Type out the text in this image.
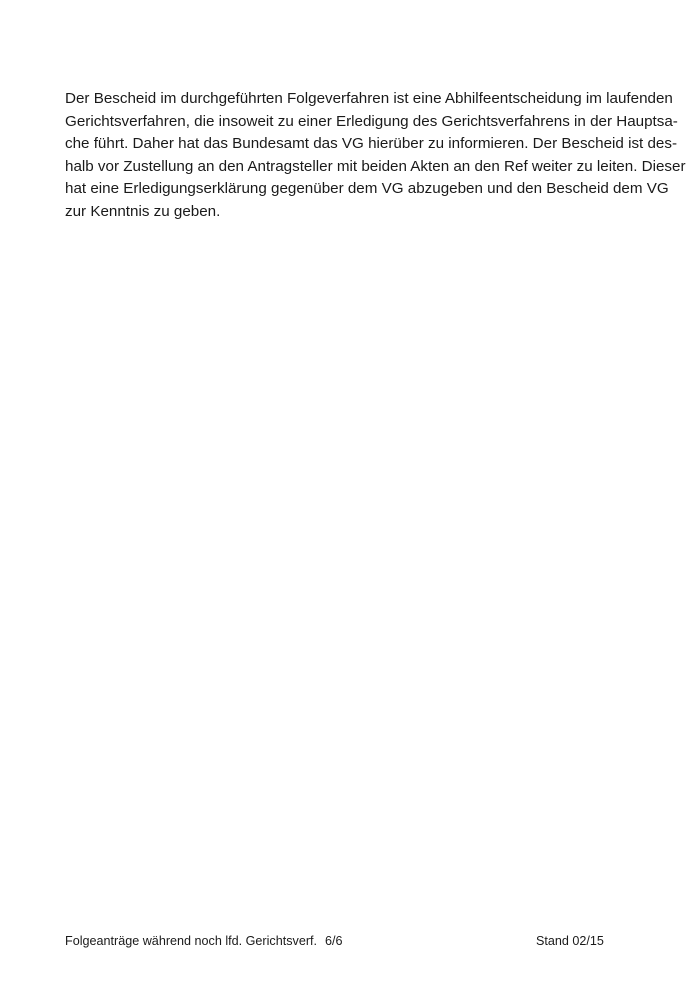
Der Bescheid im durchgeführten Folgeverfahren ist eine Abhilfeentscheidung im laufenden
Gerichtsverfahren, die insoweit zu einer Erledigung des Gerichtsverfahrens in der Hauptsa-
che führt. Daher hat das Bundesamt das VG hierüber zu informieren. Der Bescheid ist des-
halb vor Zustellung an den Antragsteller mit beiden Akten an den Ref weiter zu leiten. Dieser
hat eine Erledigungserklärung gegenüber dem VG abzugeben und den Bescheid dem VG
zur Kenntnis zu geben.
Folgeanträge während noch lfd. Gerichtsverf. 6/6	Stand 02/15
